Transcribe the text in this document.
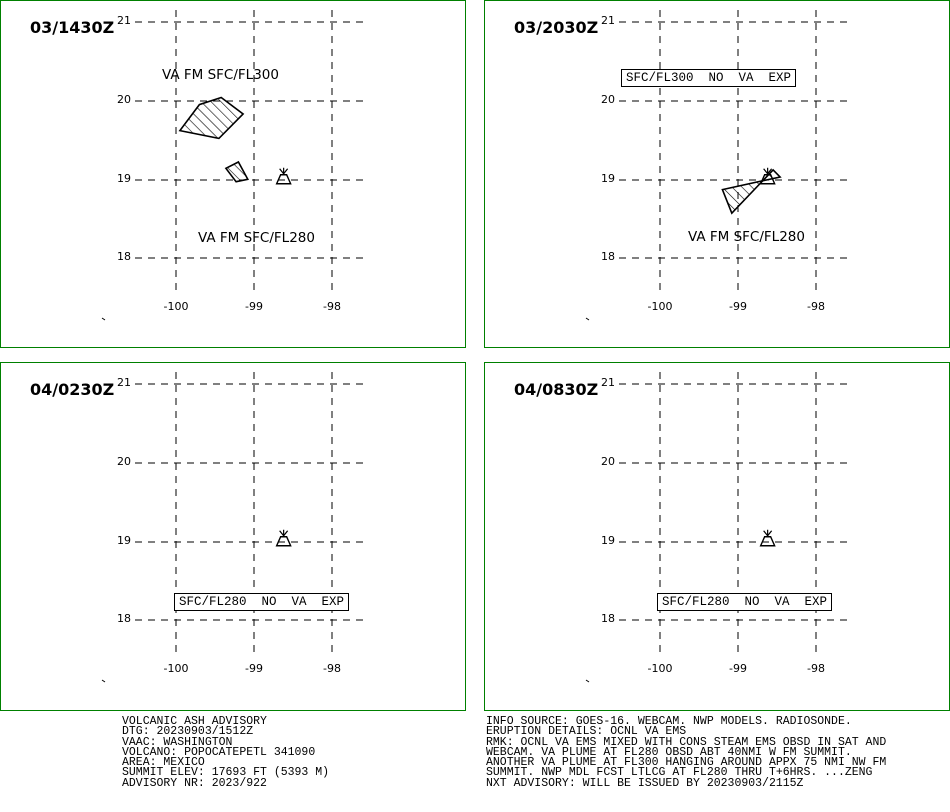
03/1430Z 21
20
19
18
-100	-99	-98
VA FM SFC/FL300
VA FM SFC/FL280
03/2030Z 21
20
19
18
-100	-99	-98
VA FM SFC/FL280
SFC/FL300  NO  VA  EXP
04/0230Z 21
20
19
18
-100	-99	-98
SFC/FL280  NO  VA  EXP
04/0830Z 21
20
19
18
-100	-99	-98
SFC/FL280  NO  VA  EXP
VOLCANIC ASH ADVISORY
DTG: 20230903/1512Z
VAAC: WASHINGTON
VOLCANO: POPOCATEPETL 341090
AREA: MEXICO
SUMMIT ELEV: 17693 FT (5393 M)
ADVISORY NR: 2023/922
INFO SOURCE: GOES-16. WEBCAM. NWP MODELS. RADIOSONDE.
ERUPTION DETAILS: OCNL VA EMS
RMK: OCNL VA EMS MIXED WITH CONS STEAM EMS OBSD IN SAT AND
WEBCAM. VA PLUME AT FL280 OBSD ABT 40NMI W FM SUMMIT.
ANOTHER VA PLUME AT FL300 HANGING AROUND APPX 75 NMI NW FM
SUMMIT. NWP MDL FCST LTLCG AT FL280 THRU T+6HRS. ...ZENG
NXT ADVISORY: WILL BE ISSUED BY 20230903/2115Z
